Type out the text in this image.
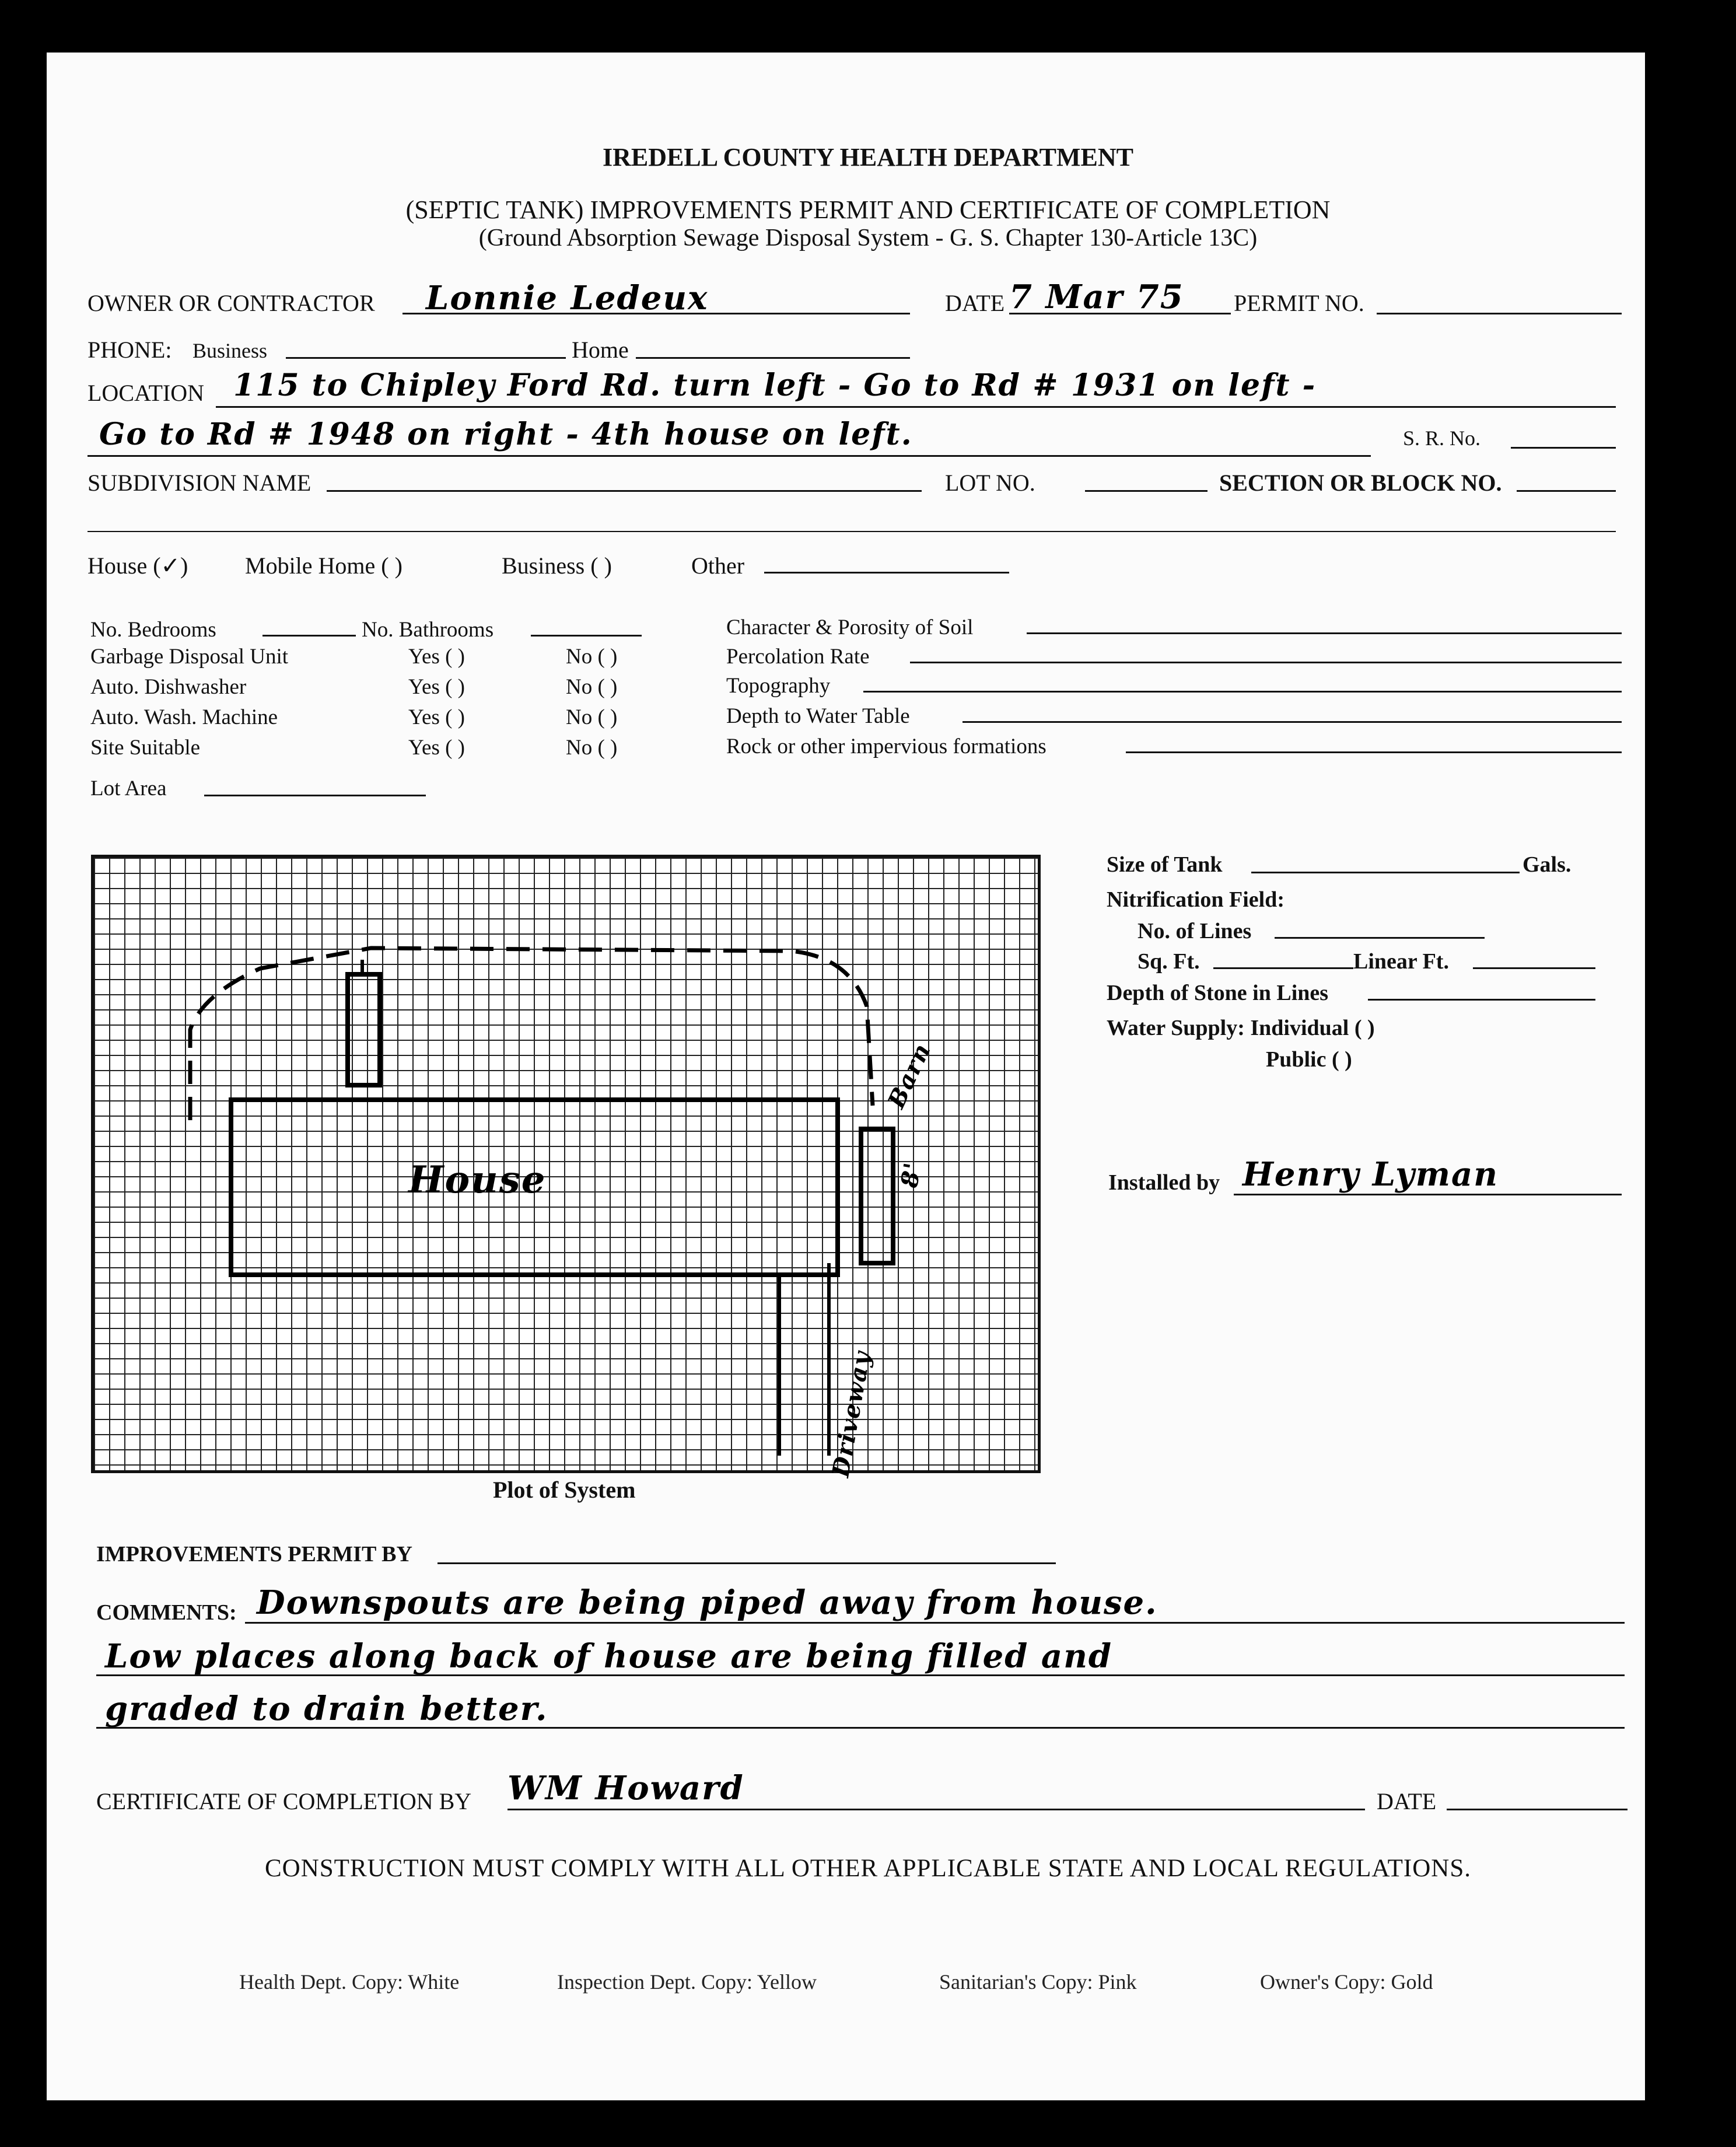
IREDELL COUNTY HEALTH DEPARTMENT
(SEPTIC TANK) IMPROVEMENTS PERMIT AND CERTIFICATE OF COMPLETION
(Ground Absorption Sewage Disposal System - G. S. Chapter 130-Article 13C)
OWNER OR CONTRACTOR Lonnie Ledeux	DATE 7 Mar 75 PERMIT NO.
PHONE: Business	Home
LOCATION 115 to Chipley Ford Rd. turn left - Go to Rd # 1931 on left -
Go to Rd # 1948 on right - 4th house on left.	S. R. No.
SUBDIVISION NAME	LOT NO.	SECTION OR BLOCK NO.
House (✓) Mobile Home ( )	Business ( )	Other
No. Bedrooms	No. Bathrooms
Garbage Disposal Unit	Yes ( )	No ( )
Auto. Dishwasher	Yes ( )	No ( )
Auto. Wash. Machine	Yes ( )	No ( )
Site Suitable	Yes ( )	No ( )
Lot Area
Character & Porosity of Soil
Percolation Rate
Topography
Depth to Water Table
Rock or other impervious formations
House
Driveway
Barn
8'
Plot of System
Size of Tank	Gals.
Nitrification Field:
No. of Lines
Sq. Ft.	Linear Ft.
Depth of Stone in Lines
Water Supply: Individual ( )
Public ( )
Installed by Henry Lyman
IMPROVEMENTS PERMIT BY
COMMENTS: Downspouts are being piped away from house.
Low places along back of house are being filled and
graded to drain better.
CERTIFICATE OF COMPLETION BY WM Howard	DATE
CONSTRUCTION MUST COMPLY WITH ALL OTHER APPLICABLE STATE AND LOCAL REGULATIONS.
Health Dept. Copy: White	Inspection Dept. Copy: Yellow	Sanitarian's Copy: Pink	Owner's Copy: Gold
